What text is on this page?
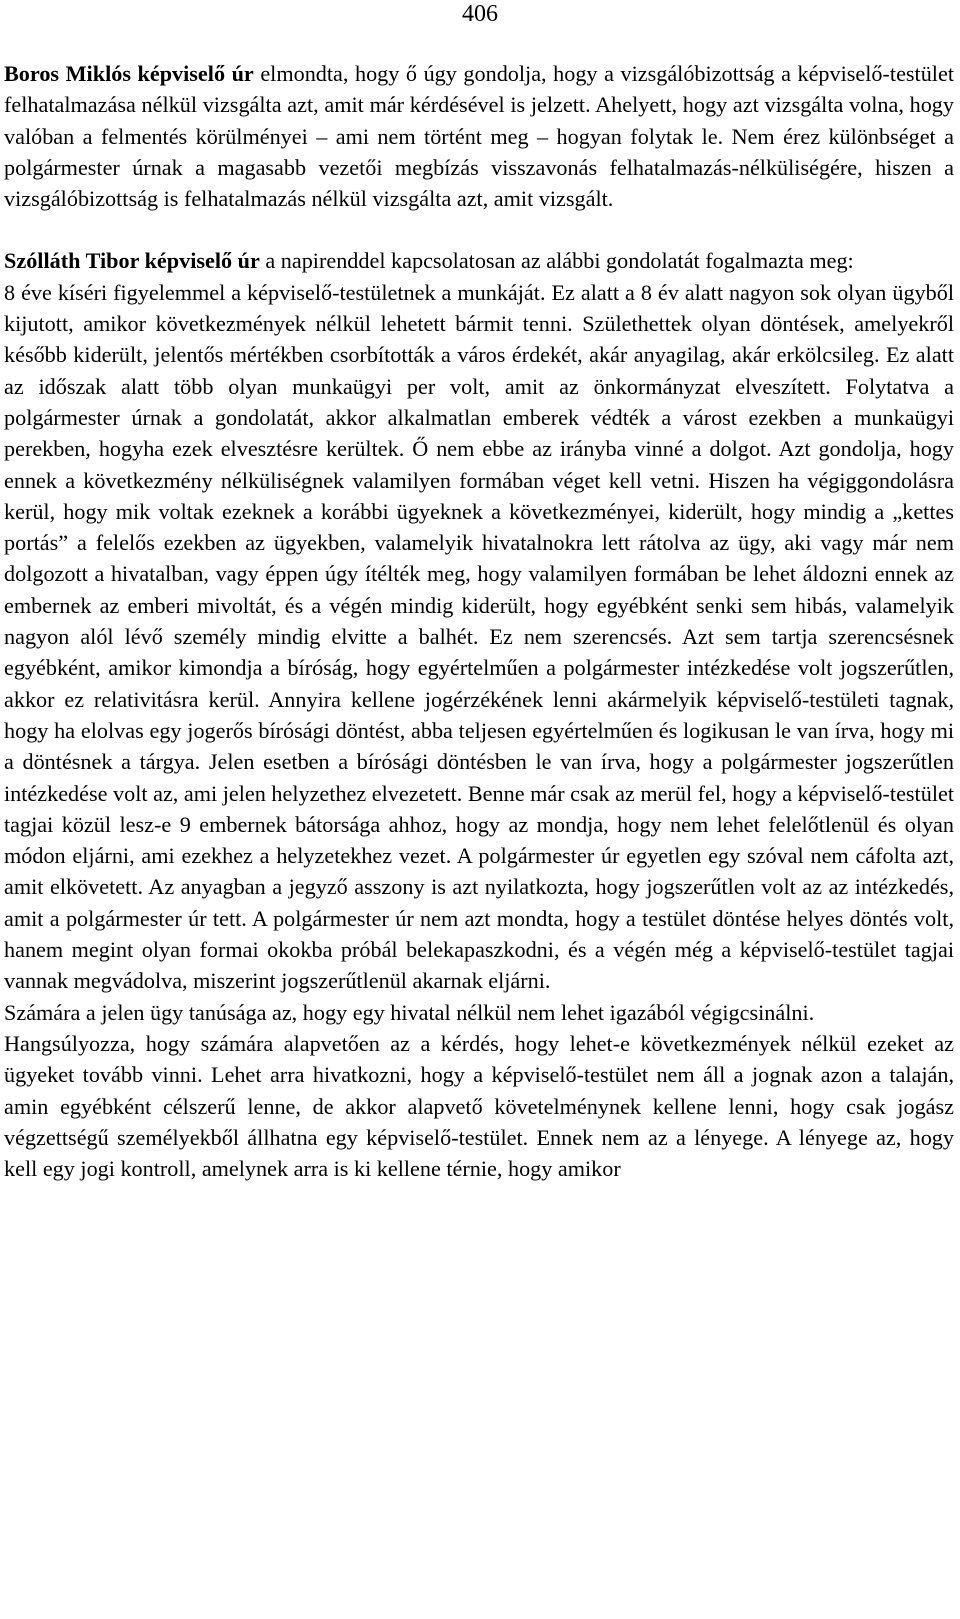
406

Boros Miklós képviselő úr elmondta, hogy ő úgy gondolja, hogy a vizsgálóbizottság a képviselő-testület felhatalmazása nélkül vizsgálta azt, amit már kérdésével is jelzett. Ahelyett, hogy azt vizsgálta volna, hogy valóban a felmentés körülményei – ami nem történt meg – hogyan folytak le. Nem érez különbséget a polgármester úrnak a magasabb vezetői megbízás visszavonás felhatalmazás-nélküliségére, hiszen a vizsgálóbizottság is felhatalmazás nélkül vizsgálta azt, amit vizsgált.

Szólláth Tibor képviselő úr a napirenddel kapcsolatosan az alábbi gondolatát fogalmazta meg:

8 éve kíséri figyelemmel a képviselő-testületnek a munkáját. Ez alatt a 8 év alatt nagyon sok olyan ügyből kijutott, amikor következmények nélkül lehetett bármit tenni. Születhettek olyan döntések, amelyekről később kiderült, jelentős mértékben csorbították a város érdekét, akár anyagilag, akár erkölcsileg. Ez alatt az időszak alatt több olyan munkaügyi per volt, amit az önkormányzat elveszített. Folytatva a polgármester úrnak a gondolatát, akkor alkalmatlan emberek védték a várost ezekben a munkaügyi perekben, hogyha ezek elvesztésre kerültek. Ő nem ebbe az irányba vinné a dolgot. Azt gondolja, hogy ennek a következmény nélküliségnek valamilyen formában véget kell vetni. Hiszen ha végiggondolásra kerül, hogy mik voltak ezeknek a korábbi ügyeknek a következményei, kiderült, hogy mindig a „kettes portás” a felelős ezekben az ügyekben, valamelyik hivatalnokra lett rátolva az ügy, aki vagy már nem dolgozott a hivatalban, vagy éppen úgy ítélték meg, hogy valamilyen formában be lehet áldozni ennek az embernek az emberi mivoltát, és a végén mindig kiderült, hogy egyébként senki sem hibás, valamelyik nagyon alól lévő személy mindig elvitte a balhét. Ez nem szerencsés. Azt sem tartja szerencsésnek egyébként, amikor kimondja a bíróság, hogy egyértelműen a polgármester intézkedése volt jogszerűtlen, akkor ez relativitásra kerül. Annyira kellene jogérzékének lenni akármelyik képviselő-testületi tagnak, hogy ha elolvas egy jogerős bírósági döntést, abba teljesen egyértelműen és logikusan le van írva, hogy mi a döntésnek a tárgya. Jelen esetben a bírósági döntésben le van írva, hogy a polgármester jogszerűtlen intézkedése volt az, ami jelen helyzethez elvezetett. Benne már csak az merül fel, hogy a képviselő-testület tagjai közül lesz-e 9 embernek bátorsága ahhoz, hogy az mondja, hogy nem lehet felelőtlenül és olyan módon eljárni, ami ezekhez a helyzetekhez vezet. A polgármester úr egyetlen egy szóval nem cáfolta azt, amit elkövetett. Az anyagban a jegyző asszony is azt nyilatkozta, hogy jogszerűtlen volt az az intézkedés, amit a polgármester úr tett. A polgármester úr nem azt mondta, hogy a testület döntése helyes döntés volt, hanem megint olyan formai okokba próbál belekapaszkodni, és a végén még a képviselő-testület tagjai vannak megvádolva, miszerint jogszerűtlenül akarnak eljárni.

Számára a jelen ügy tanúsága az, hogy egy hivatal nélkül nem lehet igazából végigcsinálni.

Hangsúlyozza, hogy számára alapvetően az a kérdés, hogy lehet-e következmények nélkül ezeket az ügyeket tovább vinni. Lehet arra hivatkozni, hogy a képviselő-testület nem áll a jognak azon a talaján, amin egyébként célszerű lenne, de akkor alapvető követelménynek kellene lenni, hogy csak jogász végzettségű személyekből állhatna egy képviselő-testület. Ennek nem az a lényege. A lényege az, hogy kell egy jogi kontroll, amelynek arra is ki kellene térnie, hogy amikor
